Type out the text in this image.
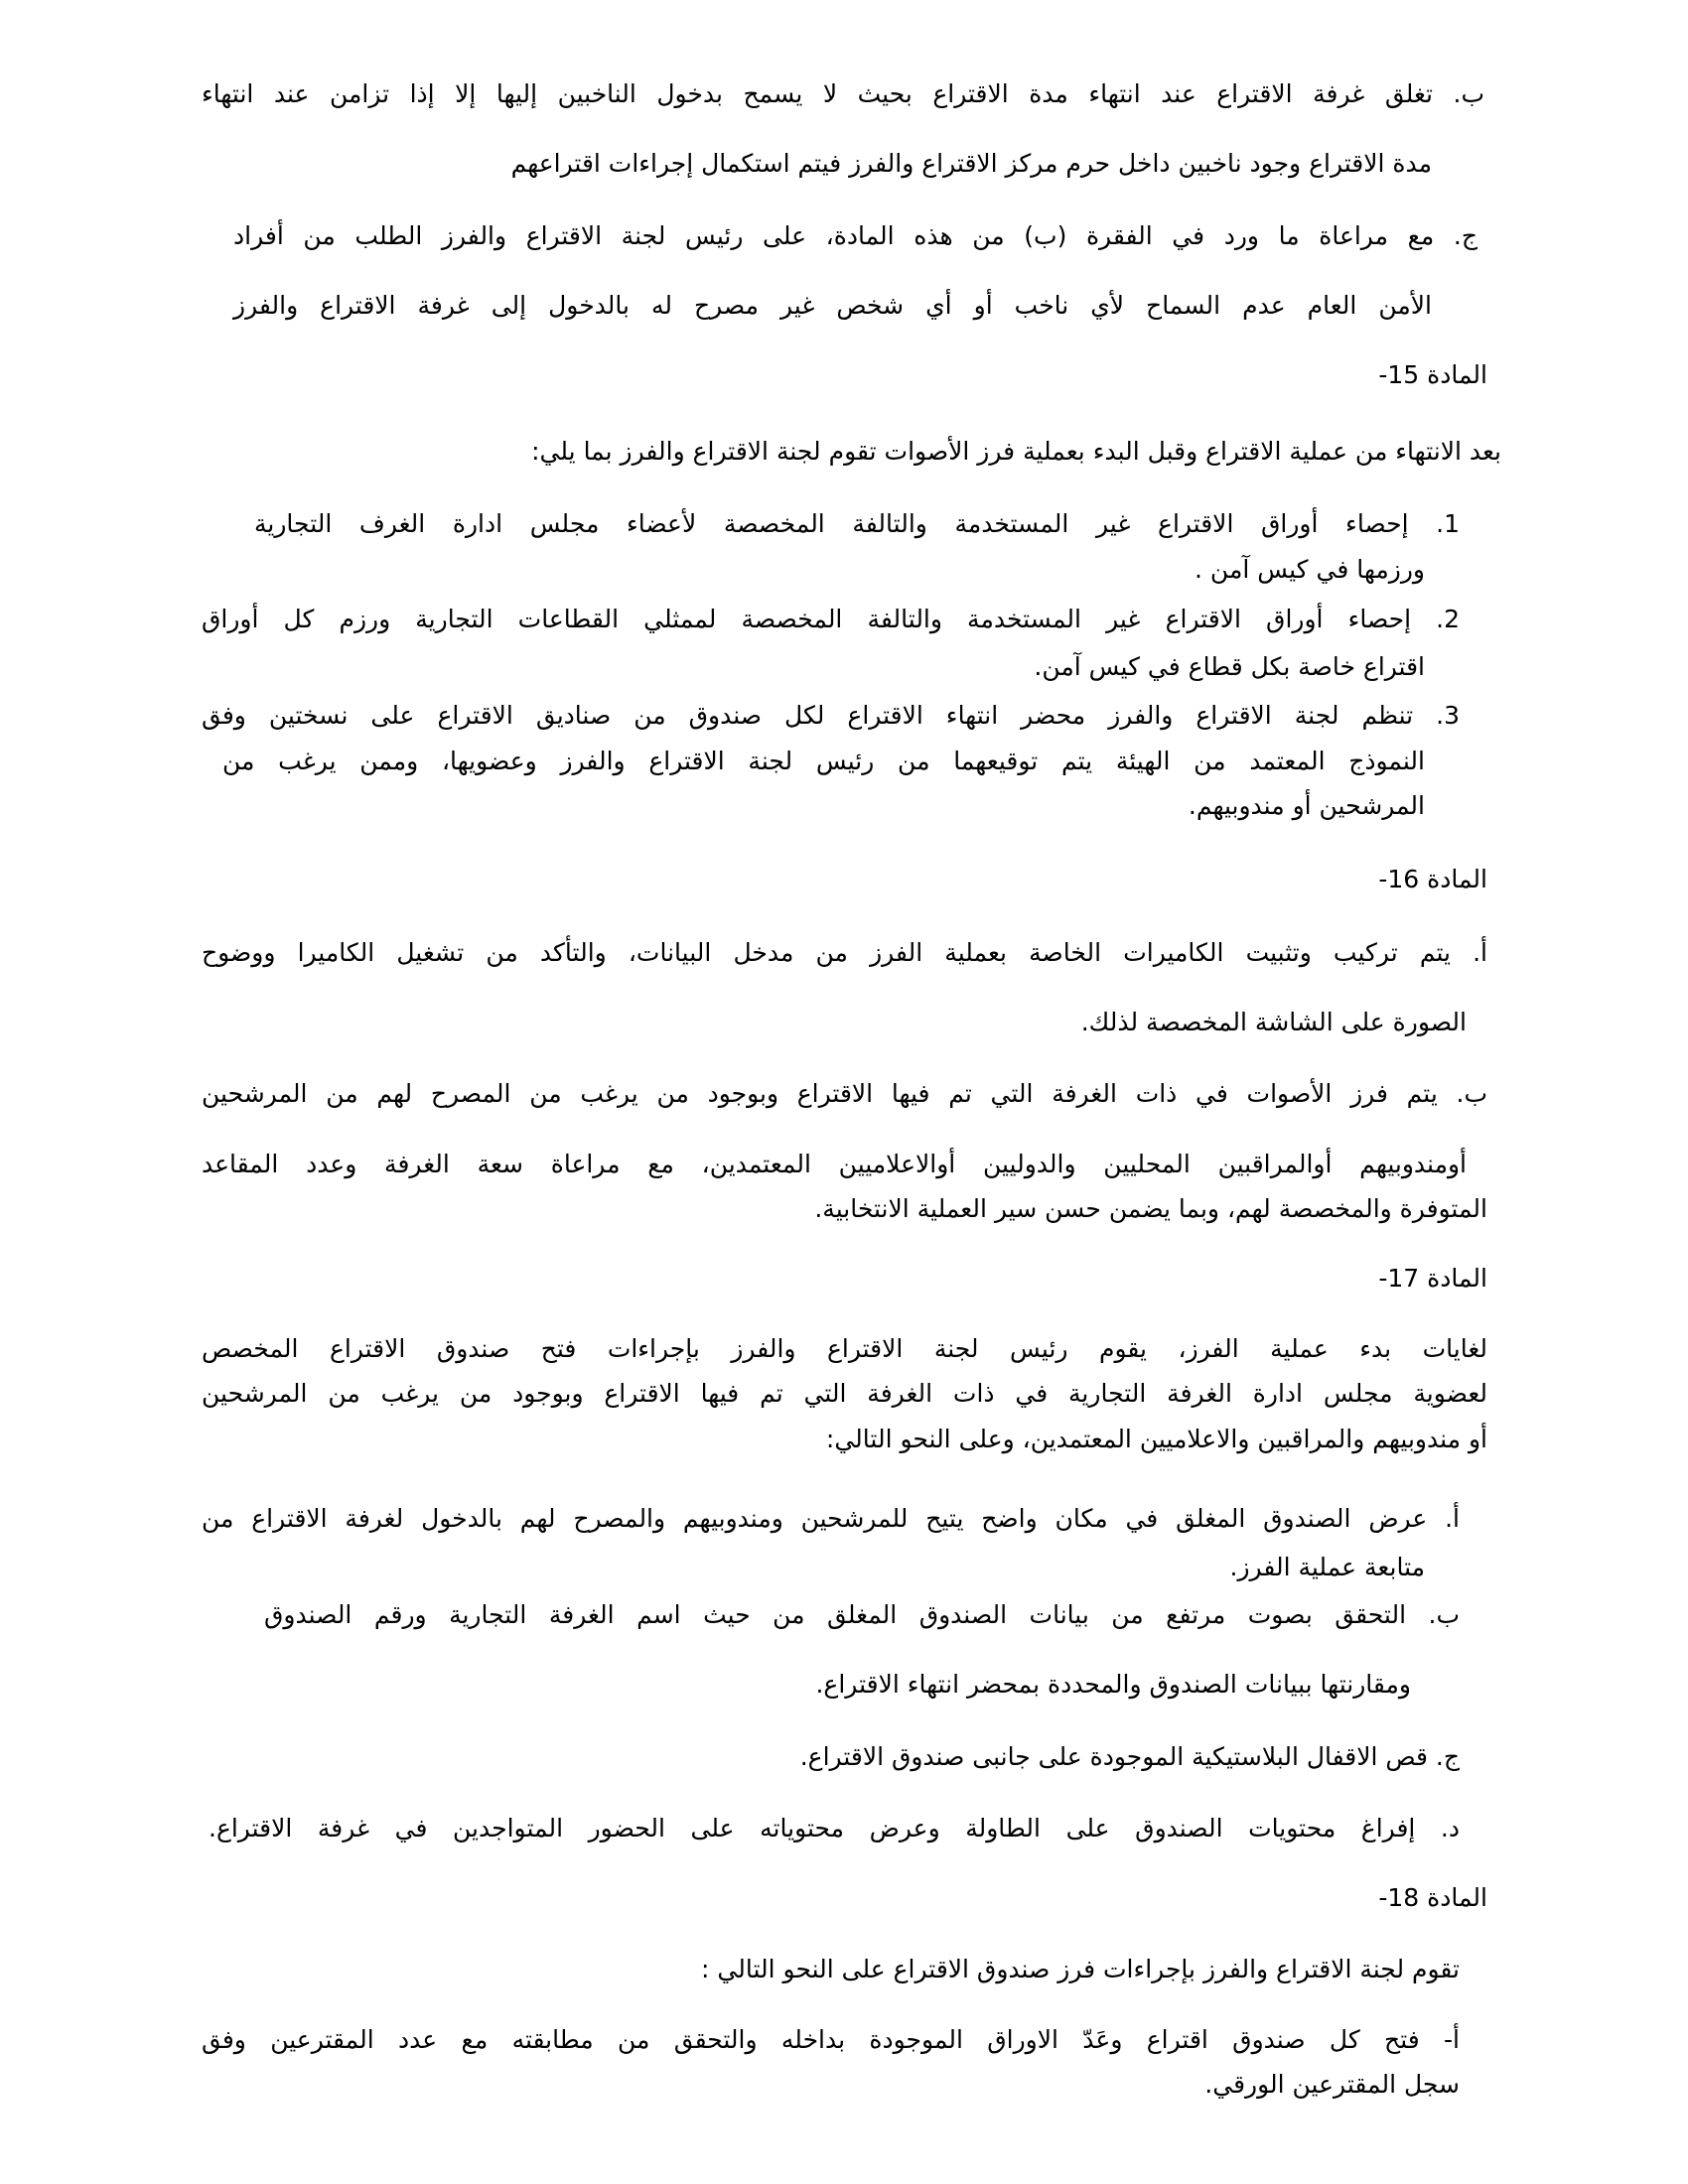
ب. تغلق غرفة الاقتراع عند انتهاء مدة الاقتراع بحيث لا يسمح بدخول الناخبين إليها إلا إذا تزامن عند انتهاء
مدة الاقتراع وجود ناخبين داخل حرم مركز الاقتراع والفرز فيتم استكمال إجراءات اقتراعهم
ج. مع مراعاة ما ورد في الفقرة (ب) من هذه المادة، على رئيس لجنة الاقتراع والفرز الطلب من أفراد
الأمن العام عدم السماح لأي ناخب أو أي شخص غير مصرح له بالدخول إلى غرفة الاقتراع والفرز
المادة 15-
بعد الانتهاء من عملية الاقتراع وقبل البدء بعملية فرز الأصوات تقوم لجنة الاقتراع والفرز بما يلي:
1. إحصاء أوراق الاقتراع غير المستخدمة والتالفة المخصصة لأعضاء مجلس ادارة الغرف التجارية
ورزمها في كيس آمن .
2. إحصاء أوراق الاقتراع غير المستخدمة والتالفة المخصصة لممثلي القطاعات التجارية ورزم كل أوراق
اقتراع خاصة بكل قطاع في كيس آمن.
3. تنظم لجنة الاقتراع والفرز محضر انتهاء الاقتراع لكل صندوق من صناديق الاقتراع على نسختين وفق
النموذج المعتمد من الهيئة يتم توقيعهما من رئيس لجنة الاقتراع والفرز وعضويها، وممن يرغب من
المرشحين أو مندوبيهم.
المادة 16-
أ. يتم تركيب وتثبيت الكاميرات الخاصة بعملية الفرز من مدخل البيانات، والتأكد من تشغيل الكاميرا ووضوح
الصورة على الشاشة المخصصة لذلك.
ب. يتم فرز الأصوات في ذات الغرفة التي تم فيها الاقتراع وبوجود من يرغب من المصرح لهم من المرشحين
أومندوبيهم أوالمراقبين المحليين والدوليين أوالاعلاميين المعتمدين، مع مراعاة سعة الغرفة وعدد المقاعد
المتوفرة والمخصصة لهم، وبما يضمن حسن سير العملية الانتخابية.
المادة 17-
لغايات بدء عملية الفرز، يقوم رئيس لجنة الاقتراع والفرز بإجراءات فتح صندوق الاقتراع المخصص
لعضوية مجلس ادارة الغرفة التجارية في ذات الغرفة التي تم فيها الاقتراع وبوجود من يرغب من المرشحين
أو مندوبيهم والمراقبين والاعلاميين المعتمدين، وعلى النحو التالي:
أ. عرض الصندوق المغلق في مكان واضح يتيح للمرشحين ومندوبيهم والمصرح لهم بالدخول لغرفة الاقتراع من
متابعة عملية الفرز.
ب. التحقق بصوت مرتفع من بيانات الصندوق المغلق من حيث اسم الغرفة التجارية ورقم الصندوق
ومقارنتها ببيانات الصندوق والمحددة بمحضر انتهاء الاقتراع.
ج. قص الاقفال البلاستيكية الموجودة على جانبى صندوق الاقتراع.
د. إفراغ محتويات الصندوق على الطاولة وعرض محتوياته على الحضور المتواجدين في غرفة الاقتراع.
المادة 18-
تقوم لجنة الاقتراع والفرز بإجراءات فرز صندوق الاقتراع على النحو التالي :
أ- فتح كل صندوق اقتراع وعَدّ الاوراق الموجودة بداخله والتحقق من مطابقته مع عدد المقترعين وفق
سجل المقترعين الورقي.
